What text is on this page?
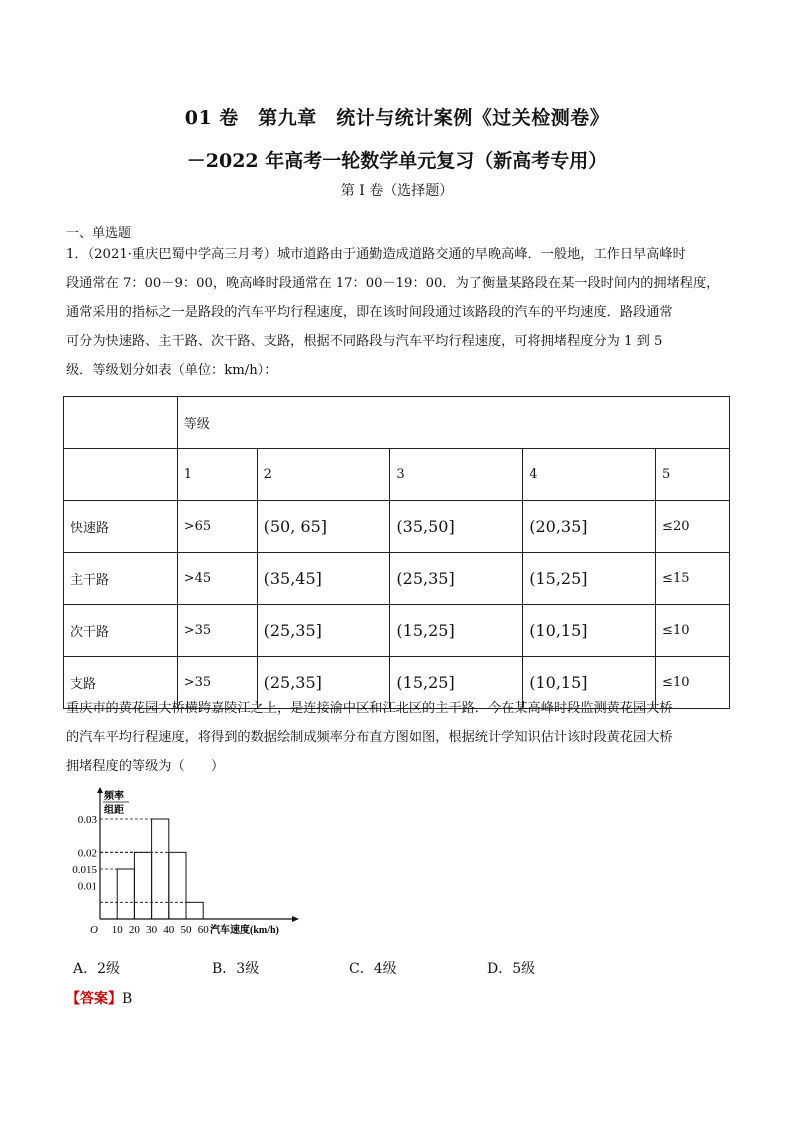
01 卷　第九章　统计与统计案例《过关检测卷》
－2022 年高考一轮数学单元复习（新高考专用）
第 I 卷（选择题）
一、单选题
1．（2021·重庆巴蜀中学高三月考）城市道路由于通勤造成道路交通的早晚高峰．一般地，工作日早高峰时
段通常在 7：00－9：00，晚高峰时段通常在 17：00－19：00．为了衡量某路段在某一段时间内的拥堵程度，
通常采用的指标之一是路段的汽车平均行程速度，即在该时间段通过该路段的汽车的平均速度．路段通常
可分为快速路、主干路、次干路、支路，根据不同路段与汽车平均行程速度，可将拥堵程度分为 1 到 5
级．等级划分如表（单位：km/h）：
	等级				
	1	2	3	4	5
快速路	>65	(50, 65]	(35,50]	(20,35]	≤20
主干路	>45	(35,45]	(25,35]	(15,25]	≤15
次干路	>35	(25,35]	(15,25]	(10,15]	≤10
支路	>35	(25,35]	(15,25]	(10,15]	≤10
重庆市的黄花园大桥横跨嘉陵江之上，是连接渝中区和江北区的主干路．今在某高峰时段监测黄花园大桥
的汽车平均行程速度，将得到的数据绘制成频率分布直方图如图，根据统计学知识估计该时段黄花园大桥
拥堵程度的等级为（　　）
0.01
0.015
0.02
0.03
10 20 30 40 50 60
O
频率
组距
汽车速度(km/h)
A．2级	B．3级	C．4级	D．5级
【答案】B
